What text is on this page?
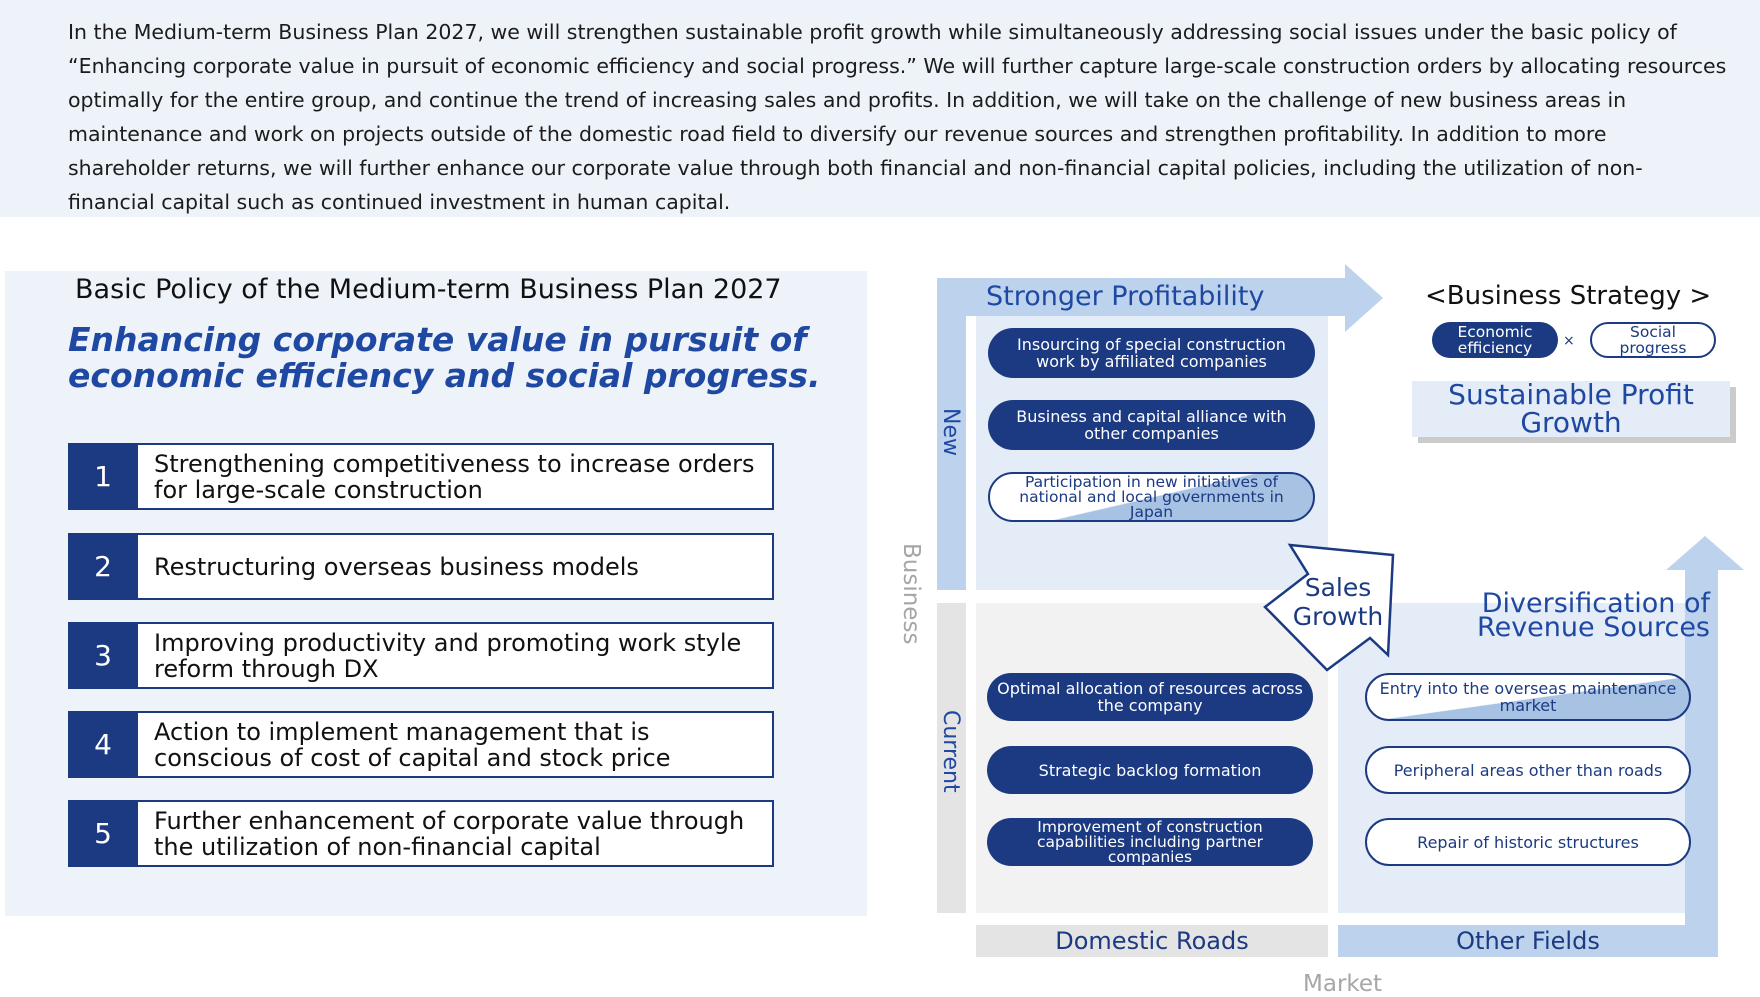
In the Medium-term Business Plan 2027, we will strengthen sustainable profit growth while simultaneously addressing social issues under the basic policy of “Enhancing corporate value in pursuit of economic efficiency and social progress.” We will further capture large-scale construction orders by allocating resources optimally for the entire group, and continue the trend of increasing sales and profits. In addition, we will take on the challenge of new business areas in maintenance and work on projects outside of the domestic road field to diversify our revenue sources and strengthen profitability. In addition to more shareholder returns, we will further enhance our corporate value through both financial and non-financial capital policies, including the utilization of non-financial capital such as continued investment in human capital.

Basic Policy of the Medium-term Business Plan 2027

Enhancing corporate value in pursuit of economic efficiency and social progress.

1	Strengthening competitiveness to increase orders for large-scale construction
2	Restructuring overseas business models
3	Improving productivity and promoting work style reform through DX
4	Action to implement management that is conscious of cost of capital and stock price
5	Further enhancement of corporate value through the utilization of non-financial capital
Stronger Profitability
New
Current
Business
Market
Domestic Roads	Other Fields
Sales
Growth	Diversification of
Revenue Sources
<Business Strategy >
Economic efficiency	×	Social progress
Sustainable Profit Growth
Insourcing of special construction work by affiliated companies
Business and capital alliance with other companies
Participation in new initiatives of national and local governments in Japan
Optimal allocation of resources across the company
Strategic backlog formation
Improvement of construction capabilities including partner companies
Entry into the overseas maintenance market
Peripheral areas other than roads
Repair of historic structures
